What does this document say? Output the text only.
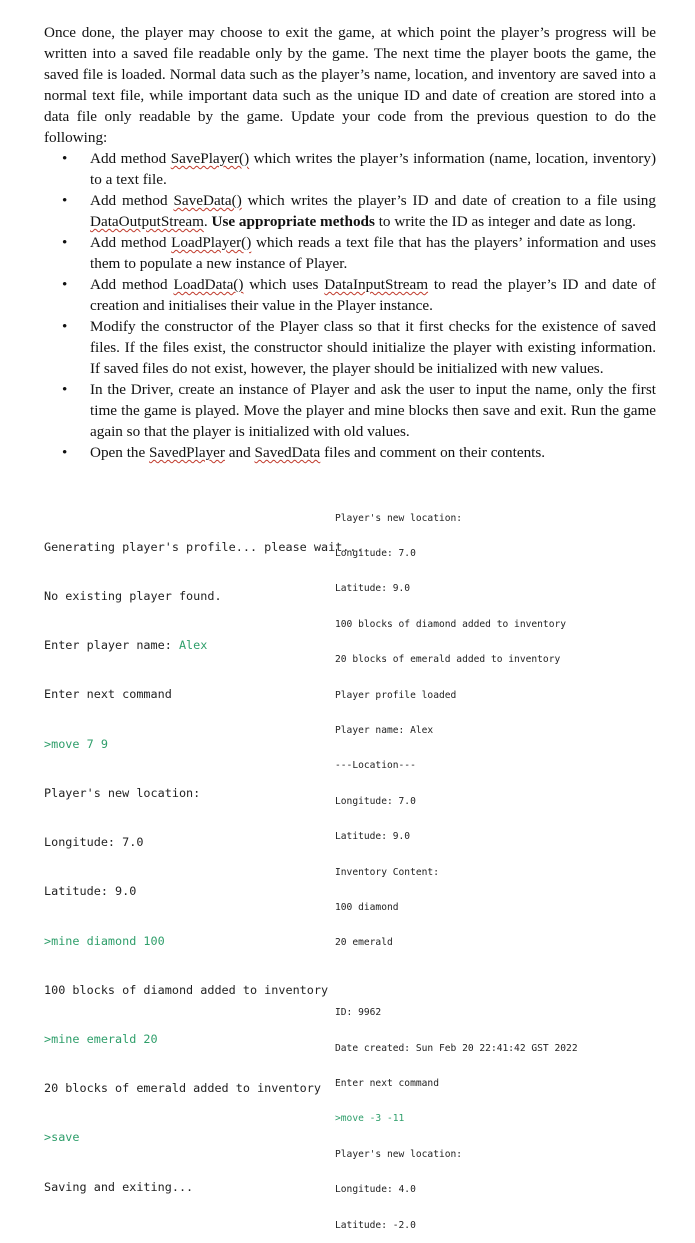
Once done, the player may choose to exit the game, at which point the player’s progress will be written into a saved file readable only by the game. The next time the player boots the game, the saved file is loaded. Normal data such as the player’s name, location, and inventory are saved into a normal text file, while important data such as the unique ID and date of creation are stored into a data file only readable by the game. Update your code from the previous question to do the following:

• Add method SavePlayer() which writes the player’s information (name, location, inventory) to a text file.
• Add method SaveData() which writes the player’s ID and date of creation to a file using DataOutputStream. Use appropriate methods to write the ID as integer and date as long.
• Add method LoadPlayer() which reads a text file that has the players’ information and uses them to populate a new instance of Player.
• Add method LoadData() which uses DataInputStream to read the player’s ID and date of creation and initialises their value in the Player instance.
• Modify the constructor of the Player class so that it first checks for the existence of saved files. If the files exist, the constructor should initialize the player with existing information. If saved files do not exist, however, the player should be initialized with new values.
• In the Driver, create an instance of Player and ask the user to input the name, only the first time the game is played. Move the player and mine blocks then save and exit. Run the game again so that the player is initialized with old values.
• Open the SavedPlayer and SavedData files and comment on their contents.

Generating player's profile... please wait...

No existing player found.

Enter player name: Alex

Enter next command

>move 7 9

Player's new location:

Longitude: 7.0

Latitude: 9.0

>mine diamond 100

100 blocks of diamond added to inventory

>mine emerald 20

20 blocks of emerald added to inventory

>save

Saving and exiting...

Player's new location:

Longitude: 7.0

Latitude: 9.0

100 blocks of diamond added to inventory

20 blocks of emerald added to inventory

Player profile loaded

Player name: Alex

---Location---

Longitude: 7.0

Latitude: 9.0

Inventory Content:

100 diamond

20 emerald

ID: 9962

Date created: Sun Feb 20 22:41:42 GST 2022

Enter next command

>move -3 -11

Player's new location:

Longitude: 4.0

Latitude: -2.0
